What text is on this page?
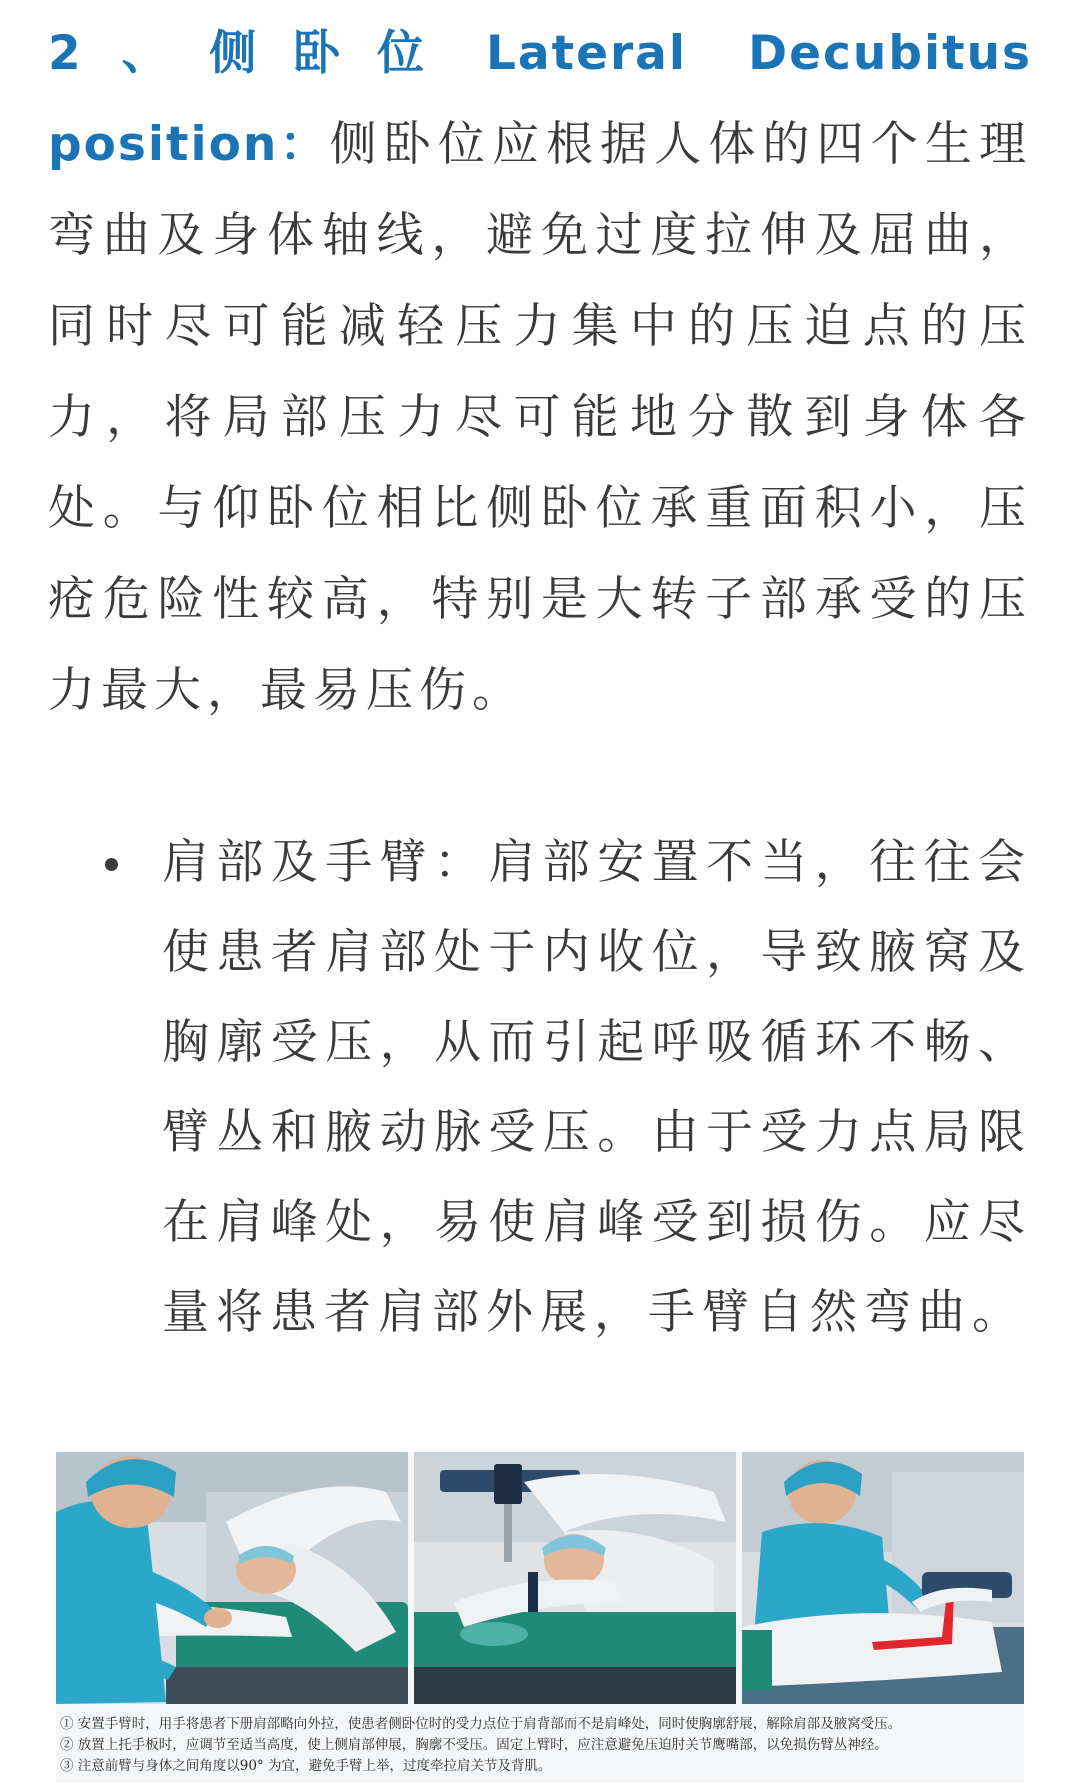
2、侧卧位 Lateral Decubitus position：侧卧位应根据人体的四个生理弯曲及身体轴线，避免过度拉伸及屈曲，同时尽可能减轻压力集中的压迫点的压力，将局部压力尽可能地分散到身体各处。与仰卧位相比侧卧位承重面积小，压疮危险性较高，特别是大转子部承受的压力最大，最易压伤。

肩部及手臂：肩部安置不当，往往会使患者肩部处于内收位，导致腋窝及胸廓受压，从而引起呼吸循环不畅、臂丛和腋动脉受压。由于受力点局限在肩峰处，易使肩峰受到损伤。应尽量将患者肩部外展，手臂自然弯曲。

① 安置手臂时，用手将患者下册肩部略向外拉，使患者侧卧位时的受力点位于肩背部而不是肩峰处，同时使胸廓舒展，解除肩部及腋窝受压。

② 放置上托手板时，应调节至适当高度，使上侧肩部伸展，胸廓不受压。固定上臂时，应注意避免压迫肘关节鹰嘴部，以免损伤臂丛神经。

③ 注意前臂与身体之间角度以90° 为宜，避免手臂上举，过度牵拉肩关节及背肌。
